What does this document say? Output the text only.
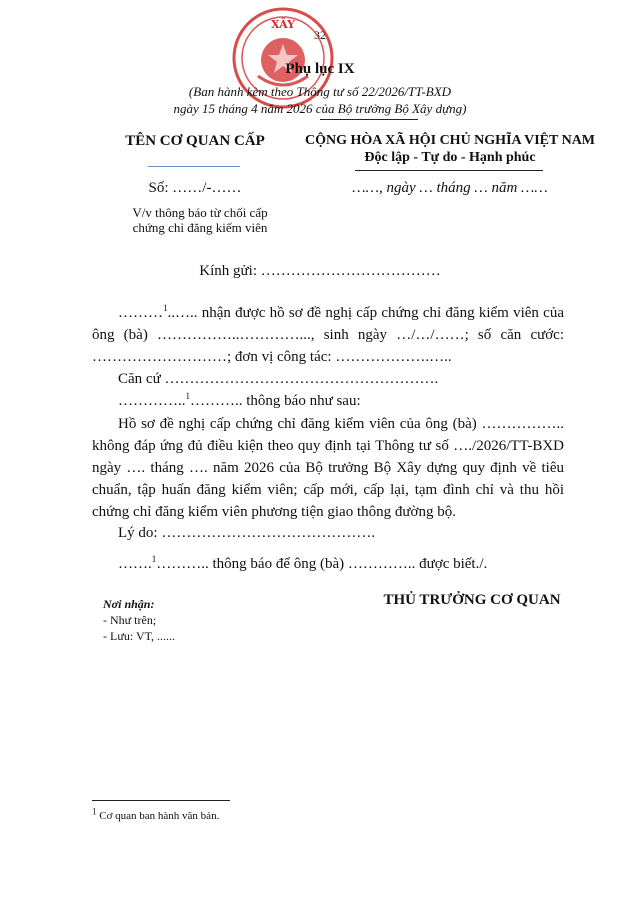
32
XÂY
Phụ lục IX
(Ban hành kèm theo Thông tư số 22/2026/TT-BXD
ngày 15 tháng 4 năm 2026 của Bộ trưởng Bộ Xây dựng)
TÊN CƠ QUAN CẤP	CỘNG HÒA XÃ HỘI CHỦ NGHĨA VIỆT NAM
Độc lập - Tự do - Hạnh phúc
Số: ……/-……	……, ngày … tháng … năm ……
V/v thông báo từ chối cấp
chứng chỉ đăng kiểm viên
Kính gửi: ………………………………
………$^1$..….. nhận được hồ sơ đề nghị cấp chứng chỉ đăng kiểm viên của ông (bà) ……………..…………..., sinh ngày …/…/……; số căn cước: ………………………; đơn vị công tác: ……………….…..
Căn cứ ……………………………………………….
…………..$^1$……….. thông báo như sau:
Hồ sơ đề nghị cấp chứng chỉ đăng kiểm viên của ông (bà) …………….. không đáp ứng đủ điều kiện theo quy định tại Thông tư số …./2026/TT-BXD ngày …. tháng …. năm 2026 của Bộ trưởng Bộ Xây dựng quy định về tiêu chuẩn, tập huấn đăng kiểm viên; cấp mới, cấp lại, tạm đình chỉ và thu hồi chứng chỉ đăng kiểm viên phương tiện giao thông đường bộ.
Lý do: …………………………………….
…….$^1$……….. thông báo để ông (bà) ………….. được biết./.
Nơi nhận:
- Như trên;
- Lưu: VT, ......
THỦ TRƯỞNG CƠ QUAN
$^1$ Cơ quan ban hành văn bản.
